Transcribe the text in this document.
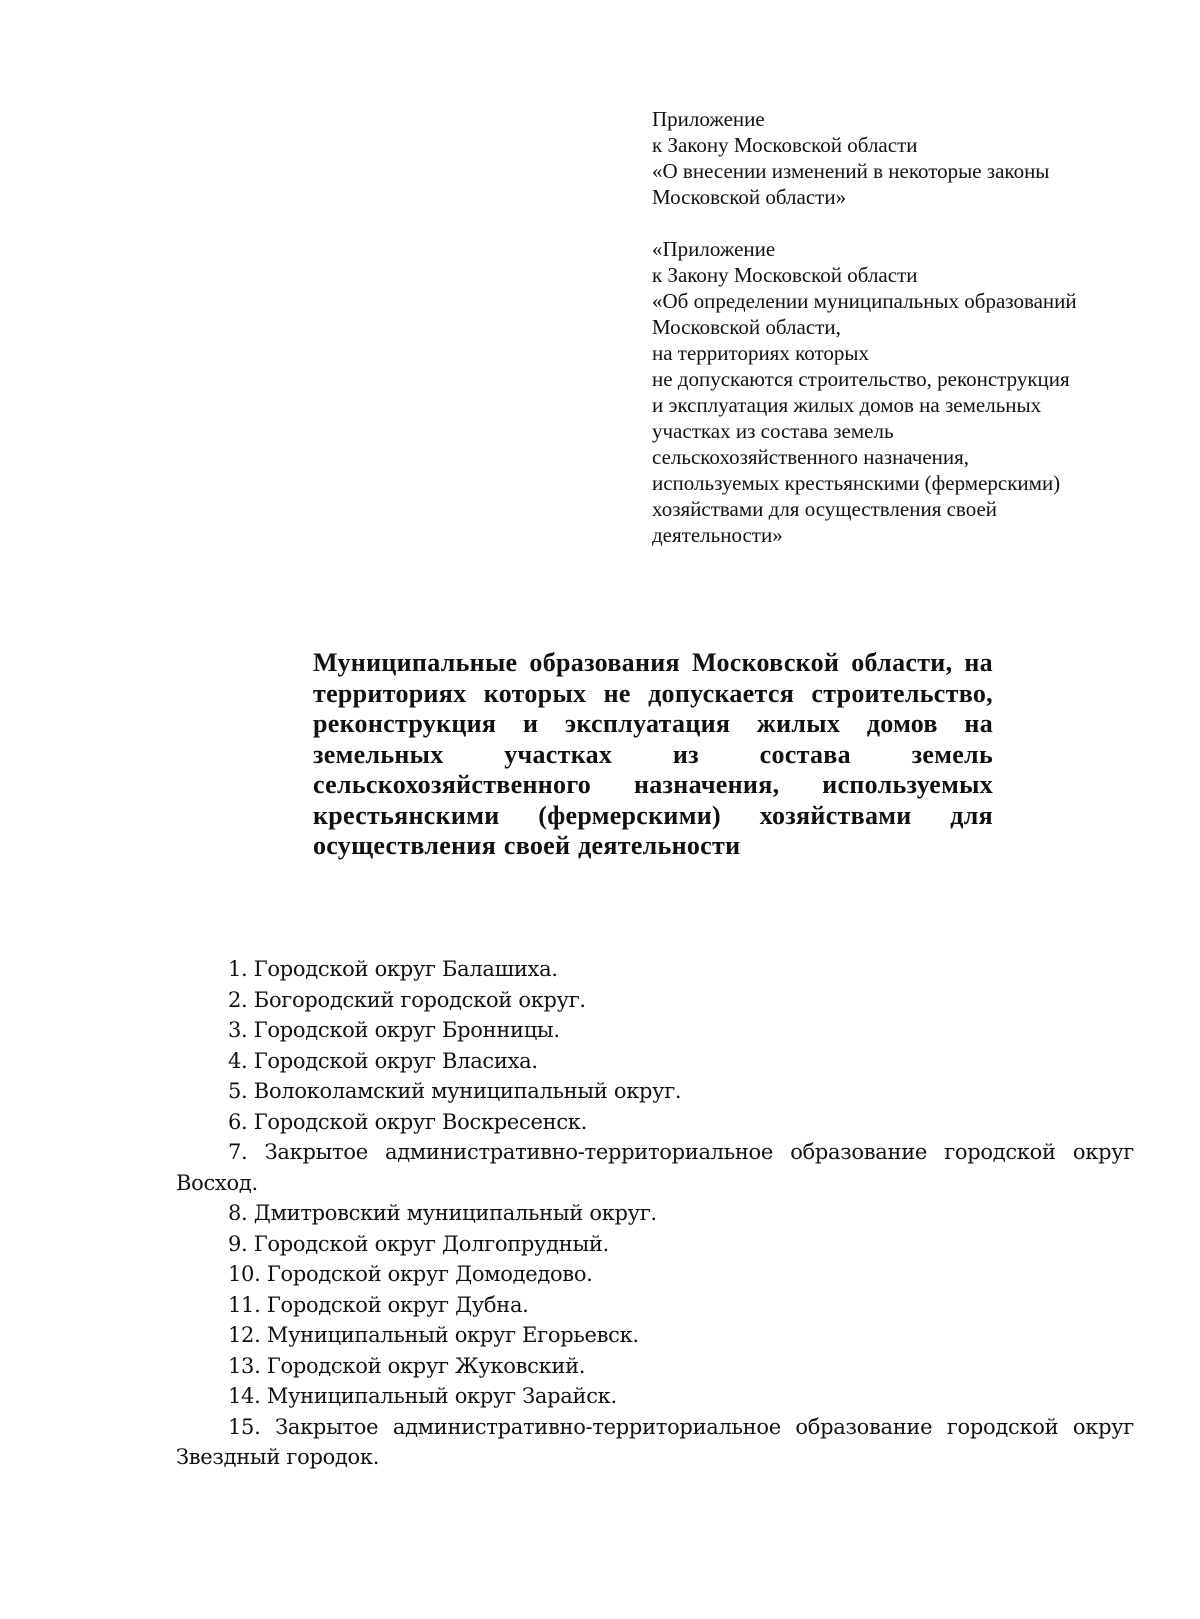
Приложение
к Закону Московской области
«О внесении изменений в некоторые законы
Московской области»
«Приложение
к Закону Московской области
«Об определении муниципальных образований
Московской области,
на территориях которых
не допускаются строительство, реконструкция
и эксплуатация жилых домов на земельных
участках из состава земель
сельскохозяйственного назначения,
используемых крестьянскими (фермерскими)
хозяйствами для осуществления своей
деятельности»
Муниципальные образования Московской области, на территориях которых не допускается строительство, реконструкция и эксплуатация жилых домов на земельных участках из состава земель сельскохозяйственного назначения, используемых крестьянскими (фермерскими) хозяйствами для осуществления своей деятельности
1. Городской округ Балашиха.
2. Богородский городской округ.
3. Городской округ Бронницы.
4. Городской округ Власиха.
5. Волоколамский муниципальный округ.
6. Городской округ Воскресенск.
7. Закрытое административно-территориальное образование городской округ Восход.
8. Дмитровский муниципальный округ.
9. Городской округ Долгопрудный.
10. Городской округ Домодедово.
11. Городской округ Дубна.
12. Муниципальный округ Егорьевск.
13. Городской округ Жуковский.
14. Муниципальный округ Зарайск.
15. Закрытое административно-территориальное образование городской округ Звездный городок.
